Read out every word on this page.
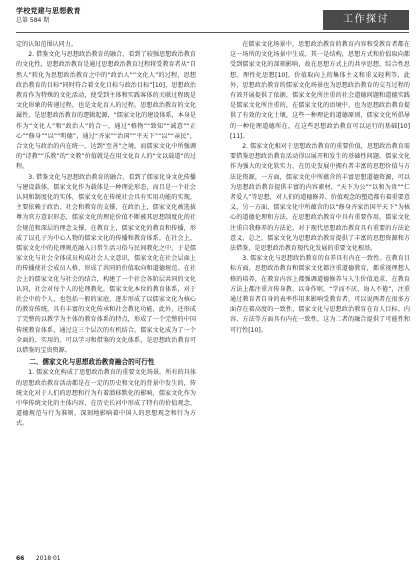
学校党建与思想教育
总第 584 期	工作探讨

定的认知范围认同力。

2. 借鉴文化与思想政治教育的融合，看到了较强思想政治教育的文化性，思想政治教育是通过思想政治教育过程将受教育者从“自然人”转化为思想政治教育之中的“政治人”“文化人”的过程，思想政治教育的目标“同时符合着文化目标与政治目标”[10]，思想政治教育作为特殊的文化活动，使受到主体和实践客体的关联过程既是文化形象的传递过程，也是文化育人的过程，思想政治教育的文化属性，是思想政治教育的逻辑起源，“儒家文化的建设体系，本身是作为“文化人”和“政治人”的合一，通过“格物”“致知”“诚意”“正心”“修身”“以”“明德”，通过“齐家”“治国”“平天下”“以”“亲民”，合文化与政治的内在统一，达到“至善”之境，而儒家文化中所强调的“诗教”“乐教”的“文教”价值就是在用文化育人的“文以载道”的过程。

3. 借鉴文化与思想政治教育的融合，看到了儒家化身文化传播与建设载体，儒家文化作为载体是一种理论形态，而且是一个社会认同和制度化的实体，儒家文化在传统社会具有实用功能的实现，主要依赖于政治、社会和教育的支撑，在政治上，儒家文化被选拔尊为官方意识形态，儒家文化的理论价值不断被其思想制度化的社会规范和深层的理念支撑，在教育上，儒家文化的教育和传播，形成了以孔子为中心人物的儒家文化的传播和教育体系。在社会上，儒家文化中的伦理规范融入日常生活习俗与民间教化之中，于是儒家文化与社会全体成员构成社会人文意识，儒家文化在社会层面上的传播使社会成员人格，形成了共同的价值取向和道德规范。在社会上的儒家文化与社会的结合，构建了一个社会各阶层共同的文化认同，社会对每个人的伦理教化，儒家文化本位的教育体系，对于社会中的个人，也包括一般的家庭，逐步形成了以儒家文化为核心的教育传统，具有丰富的文化传承和社会教化功能，此外，还形成了完整的以教学为主体的教育体系的特点，形成了一个完整的中国传统教育体系，通过这三个层次的有机结合，儒家文化成为了一个全面的、实用的、可以学习和借鉴的文化体系，是思想政治教育可以借鉴的宝贵资源。

二、儒家文化与思想政治教育融合的可行性

1. 儒家文化构成了思想政治教育的重要文化场景。所有的具体的思想政治教育活动都是在一定的历史和文化的背景中发生的，传统文化对于人们的思想和行为有着潜移默化的影响，儒家文化作为中华传统文化的主体内容，在历史长河中形成了特有的价值观念、道德规范与行为准则，深刻地影响着中国人的思想观念和行为方式。

在儒家文化场景中，思想政治教育的教育内容和受教育者都在这一场所的文化场景中生成。其一是结构，思想方式和价值取向都受到儒家文化的深刻影响，故在思想方式上的共享思想，综合性思想、理性化思想[10]，价值取向上的集体主义和重义轻利等，此外，思想政治教育的儒家文化场景也为思想政治教育的交互过程的有效开展提供了依据，儒家文化所注重的社会道德问题和道德实践是儒家文化所注重的，在儒家文化的语境中，也为思想政治教育提供了有效的文化土壤，这些一种理论的道德原则，儒家文化所倡导的一种伦理道德所在，在这些思想政治教育可以运行的基础[10][11]。

2. 儒家文化相对于思想政治教育的重要价值，思想政治教育需要借鉴思想政治教育活动得以展开和发生的基础性问题，儒家文化作为强大的文化软实力，在历史发展中拥有者丰富的思想价值与方法论资源，一方面，儒家文化中所蕴含的丰富思想道德资源，可以为思想政治教育提供丰富的内容素材，“天下为公”“以和为贵”“仁者爱人”等思想，对人们的道德修养、价值观念的塑造都有着重要意义，另一方面，儒家文化中所蕴含的以“修身齐家治国平天下”为核心的道德伦理和方法，在思想政治教育中具有重要作用，儒家文化注重自我修养的方法论，对于现代思想政治教育具有重要的方法论意义，总之，儒家文化为思想政治教育提供了丰富的思想资源和方法借鉴，是思想政治教育现代化发展的重要文化根基。

3. 儒家文化与思想政治教育的育养具有内在一致性。在教育目标方面，思想政治教育和儒家文化都注重道德教育，都重视理想人格的培养，在教育内容上都强调道德修养与人生价值追求，在教育方法上都注重言传身教、以身作则，“学而不厌，诲人不倦”，注重通过教育者自身的表率作用来影响受教育者，可以说两者在很多方面存在着高度的一致性，儒家文化与思想政治教育在育人目标、内容、方法等方面具有内在一致性，这为二者的融合提供了可能性和可行性[10]。

66 2018·01
